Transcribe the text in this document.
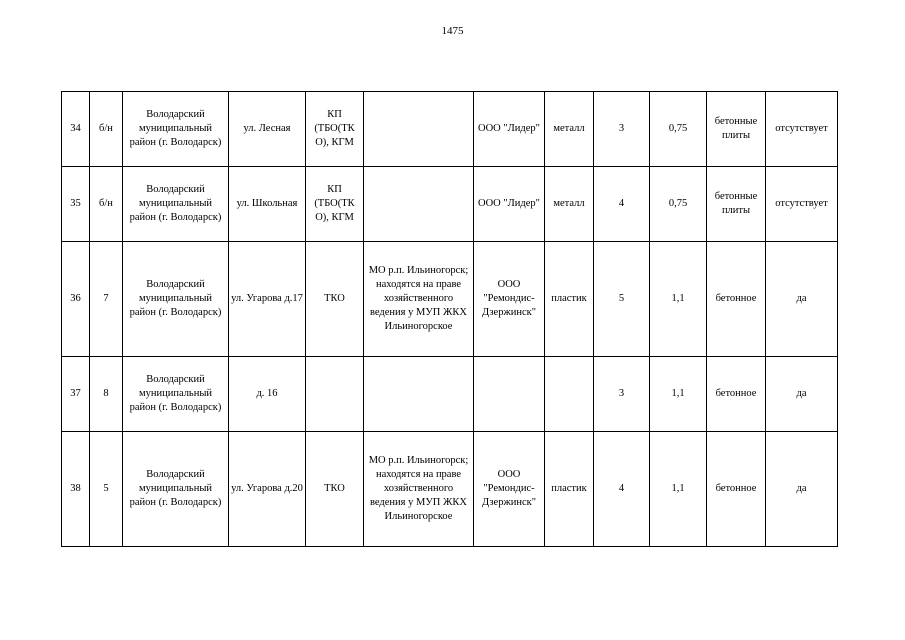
1475
34	б/н	Володарский муниципальный район (г. Володарск)	ул. Лесная	КП (ТБО(ТК О), КГМ		ООО "Лидер"	металл	3	0,75	бетонные плиты	отсутствует
35	б/н	Володарский муниципальный район (г. Володарск)	ул. Школьная	КП (ТБО(ТК О), КГМ		ООО "Лидер"	металл	4	0,75	бетонные плиты	отсутствует
36	7	Володарский муниципальный район (г. Володарск)	ул. Угарова д.17	ТКО	МО р.п. Ильиногорск; находятся на праве хозяйственного ведения у МУП ЖКХ Ильиногорское	ООО "Ремондис-Дзержинск"	пластик	5	1,1	бетонное	да
37	8	Володарский муниципальный район (г. Володарск)	д. 16					3	1,1	бетонное	да
38	5	Володарский муниципальный район (г. Володарск)	ул. Угарова д.20	ТКО	МО р.п. Ильиногорск; находятся на праве хозяйственного ведения у МУП ЖКХ Ильиногорское	ООО "Ремондис-Дзержинск"	пластик	4	1,1	бетонное	да
